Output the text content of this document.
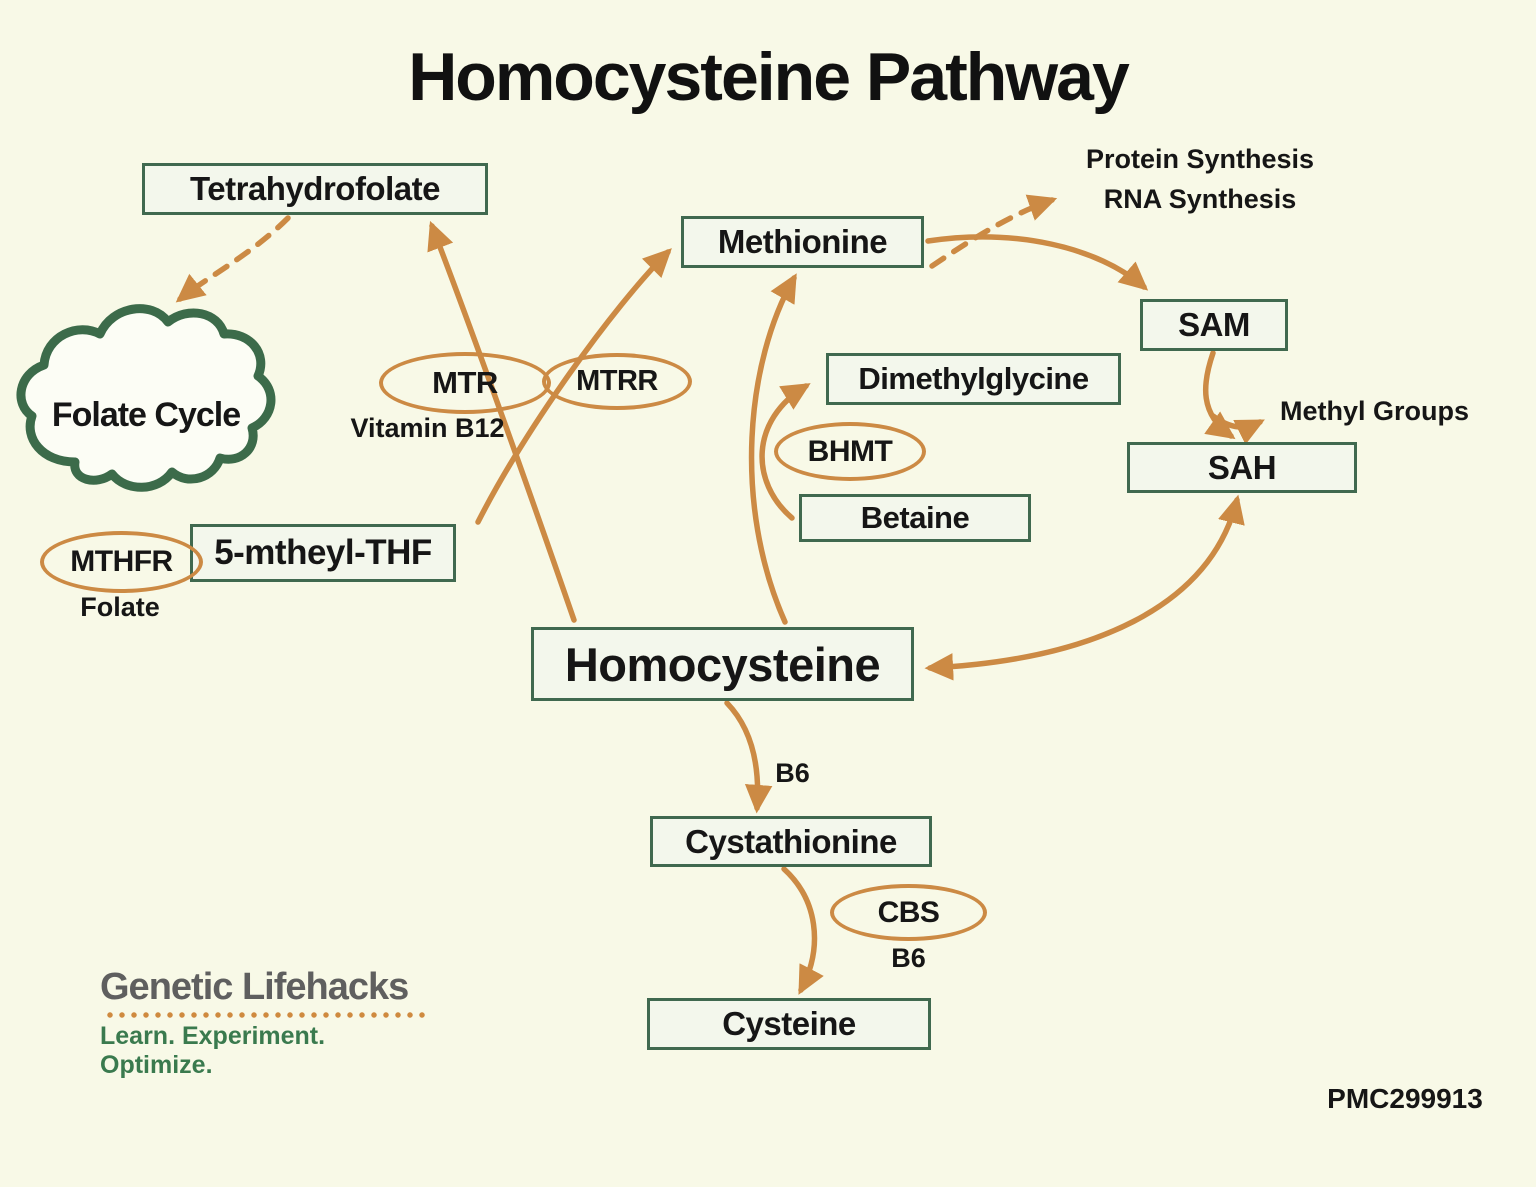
Homocysteine Pathway
Tetrahydrofolate
Methionine
SAM
Dimethylglycine
SAH
Betaine
5-mtheyl-THF
Homocysteine
Cystathionine
Cysteine
MTR	MTRR
BHMT
MTHFR
CBS
Protein Synthesis
RNA Synthesis
Methyl Groups
Vitamin B12
Folate
B6
B6
PMC299913
Folate Cycle
Genetic Lifehacks
Learn. Experiment. Optimize.
